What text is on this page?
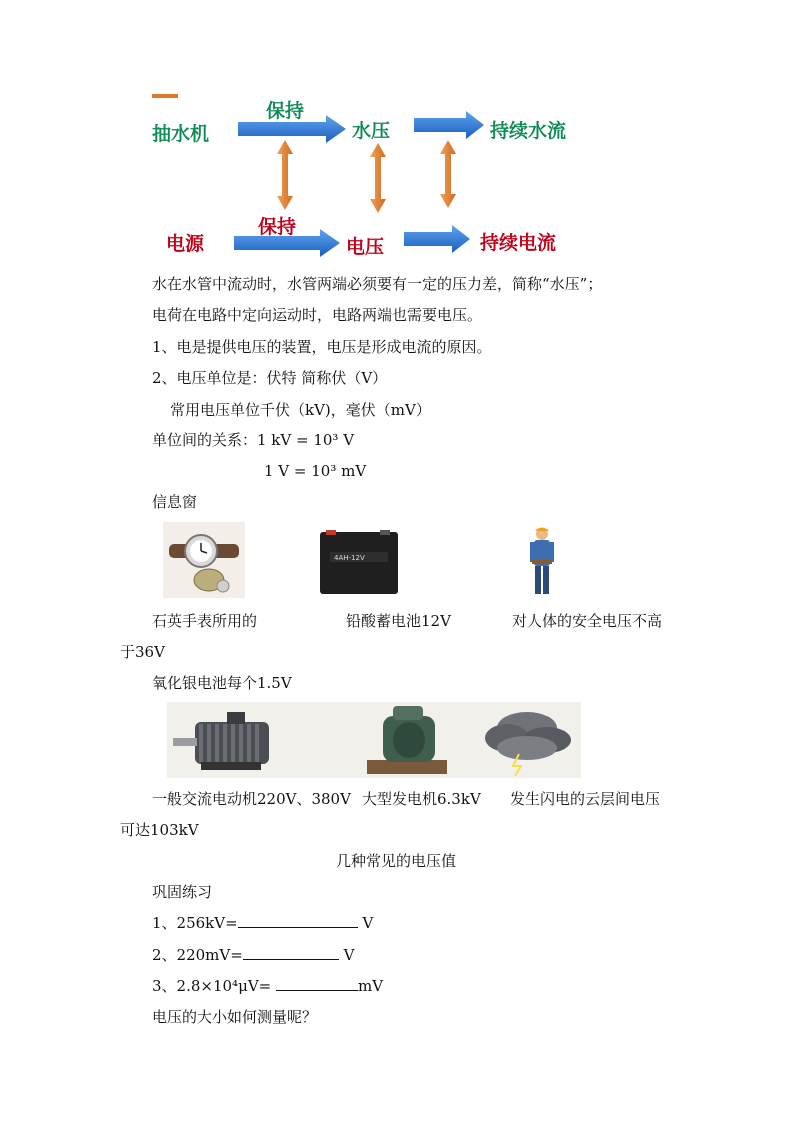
抽水机
保持
水压	持续水流
电源
保持
电压	持续电流
水在水管中流动时，水管两端必须要有一定的压力差，简称“水压”；
电荷在电路中定向运动时，电路两端也需要电压。
1、电是提供电压的装置，电压是形成电流的原因。
2、电压单位是：伏特 简称伏（V）
常用电压单位千伏（kV)，毫伏（mV）
单位间的关系：1 kV = 10³ V
1 V = 10³ mV
信息窗
4AH-12V
石英手表所用的	铅酸蓄电池12V	对人体的安全电压不高
于36V
氧化银电池每个1.5V
一般交流电动机220V、380V 大型发电机6.3kV 发生闪电的云层间电压
可达103kV
几种常见的电压值
巩固练习
1、256kV=	V
2、220mV=	V
3、2.8×10⁴μV=	mV
电压的大小如何测量呢？
